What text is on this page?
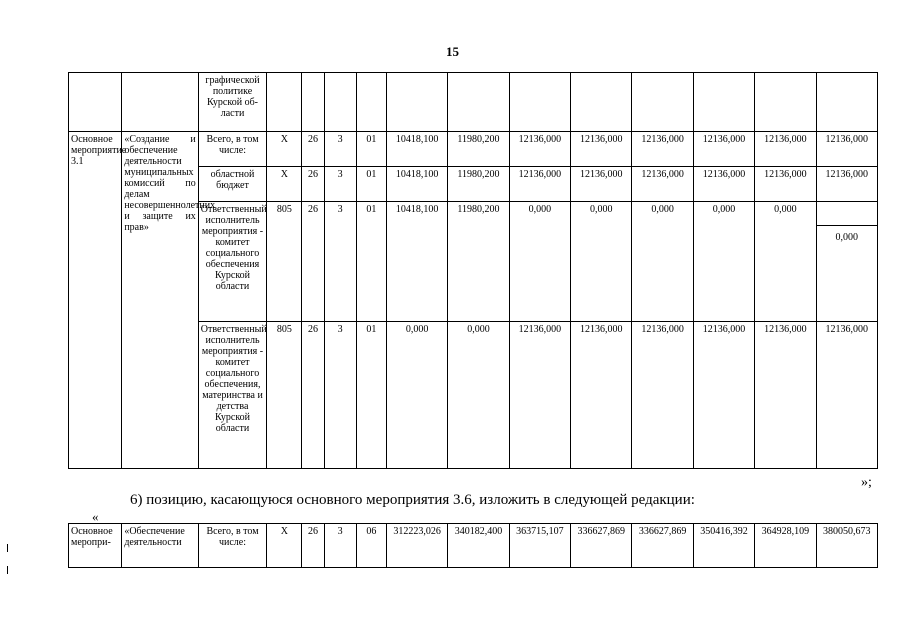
15
		графической политике Курской об-ласти												
Основное мероприятие 3.1	«Создание и обеспечение деятельности муниципальных комиссий по делам несовершеннолетних и защите их прав»	Всего, в том числе:	X	26	3	01	10418,100	11980,200	12136,000	12136,000	12136,000	12136,000	12136,000	12136,000
		областной бюджет	X	26	3	01	10418,100	11980,200	12136,000	12136,000	12136,000	12136,000	12136,000	12136,000
		Ответственный исполнитель мероприятия - комитет социального обеспечения Курской области	805	26	3	01	10418,100	11980,200	0,000	0,000	0,000	0,000	0,000	0,000

		Ответственный исполнитель мероприятия - комитет социального обеспечения, материнства и детства Курской области	805	26	3	01	0,000	0,000	12136,000	12136,000	12136,000	12136,000	12136,000	12136,000
»;
6) позицию, касающуюся основного мероприятия 3.6, изложить в следующей редакции:
«
Основное меропри-	«Обеспечение деятельности	Всего, в том числе:	X	26	3	06	312223,026	340182,400	363715,107	336627,869	336627,869	350416,392	364928,109	380050,673
